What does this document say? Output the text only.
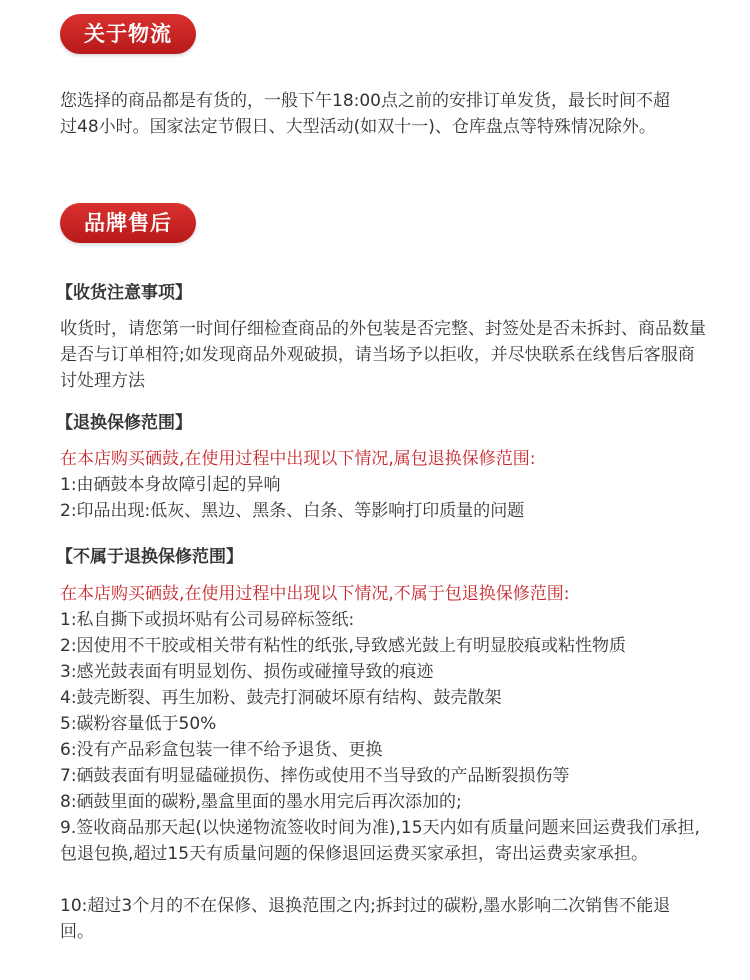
关于物流

您选择的商品都是有货的，一般下午18:00点之前的安排订单发货，最长时间不超过48小时。国家法定节假日、大型活动(如双十一)、仓库盘点等特殊情况除外。

品牌售后

【收货注意事项】

收货时，请您第一时间仔细检查商品的外包装是否完整、封签处是否未拆封、商品数量是否与订单相符;如发现商品外观破损，请当场予以拒收，并尽快联系在线售后客服商讨处理方法

【退换保修范围】

在本店购买硒鼓,在使用过程中出现以下情况,属包退换保修范围:

1:由硒鼓本身故障引起的异响

2:印品出现:低灰、黑边、黑条、白条、等影响打印质量的问题

【不属于退换保修范围】

在本店购买硒鼓,在使用过程中出现以下情况,不属于包退换保修范围:

1:私自撕下或损坏贴有公司易碎标签纸:

2:因使用不干胶或相关带有粘性的纸张,导致感光鼓上有明显胶痕或粘性物质

3:感光鼓表面有明显划伤、损伤或碰撞导致的痕迹

4:鼓壳断裂、再生加粉、鼓壳打洞破坏原有结构、鼓壳散架

5:碳粉容量低于50%

6:没有产品彩盒包装一律不给予退货、更换

7:硒鼓表面有明显磕碰损伤、摔伤或使用不当导致的产品断裂损伤等

8:硒鼓里面的碳粉,墨盒里面的墨水用完后再次添加的;

9.签收商品那天起(以快递物流签收时间为准),15天内如有质量问题来回运费我们承担,包退包换,超过15天有质量问题的保修退回运费买家承担，寄出运费卖家承担。

10:超过3个月的不在保修、退换范围之内;拆封过的碳粉,墨水影响二次销售不能退回。
